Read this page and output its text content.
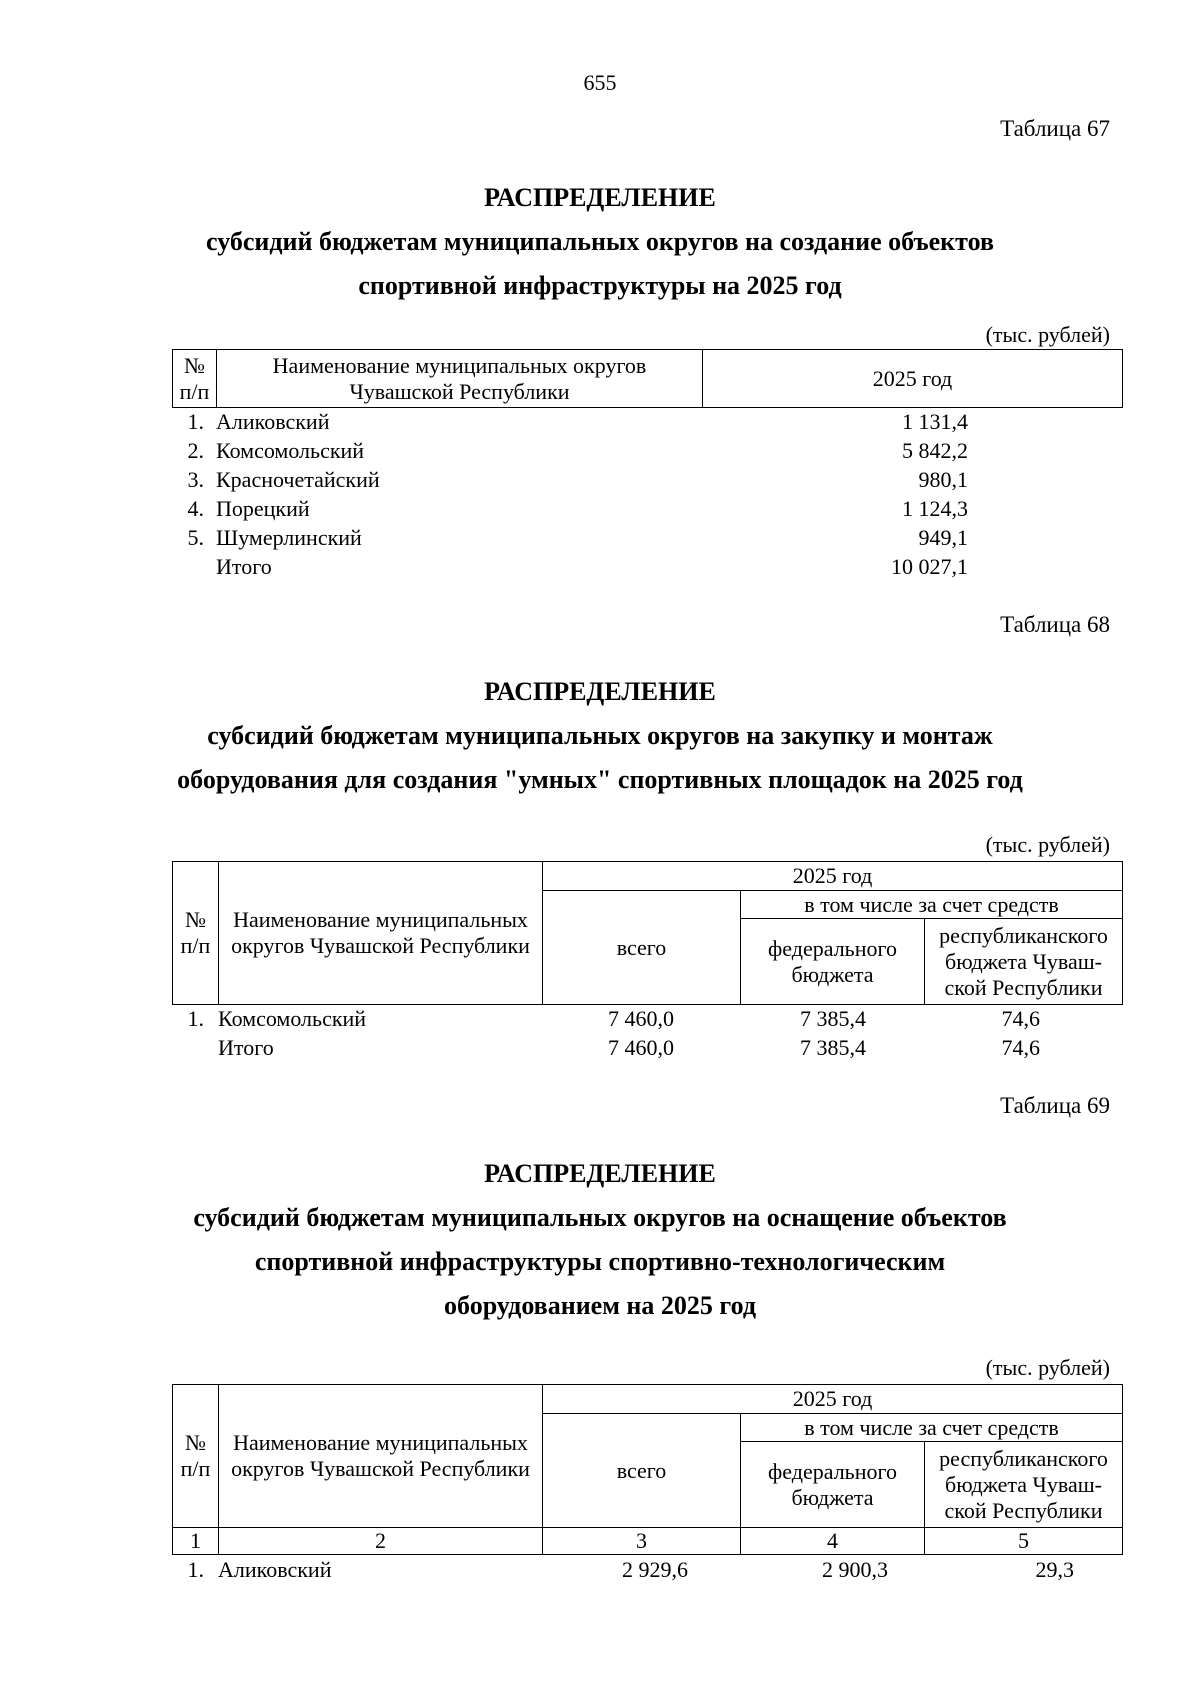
655
Таблица 67
РАСПРЕДЕЛЕНИЕ
субсидий бюджетам муниципальных округов на создание объектов
спортивной инфраструктуры на 2025 год
(тыс. рублей)
№ п/п	Наименование муниципальных округов Чувашской Республики	2025 год
1. Аликовский	1 131,4
2. Комсомольский	5 842,2
3. Красночетайский	980,1
4. Порецкий	1 124,3
5. Шумерлинский	949,1
Итого	10 027,1
Таблица 68
РАСПРЕДЕЛЕНИЕ
субсидий бюджетам муниципальных округов на закупку и монтаж
оборудования для создания "умных" спортивных площадок на 2025 год
(тыс. рублей)
№ п/п	Наименование муниципальных округов Чувашской Республики	2025 год		
		всего	в том числе за счет средств	
			федерального бюджета	республиканского бюджета Чуваш-ской Республики
1. Комсомольский	7 460,0	7 385,4	74,6
Итого	7 460,0	7 385,4	74,6
Таблица 69
РАСПРЕДЕЛЕНИЕ
субсидий бюджетам муниципальных округов на оснащение объектов
спортивной инфраструктуры спортивно-технологическим
оборудованием на 2025 год
(тыс. рублей)
№ п/п	Наименование муниципальных округов Чувашской Республики	2025 год		
		всего	в том числе за счет средств	
			федерального бюджета	республиканского бюджета Чуваш-ской Республики
1	2	3	4	5
1. Аликовский	2 929,6	2 900,3	29,3
